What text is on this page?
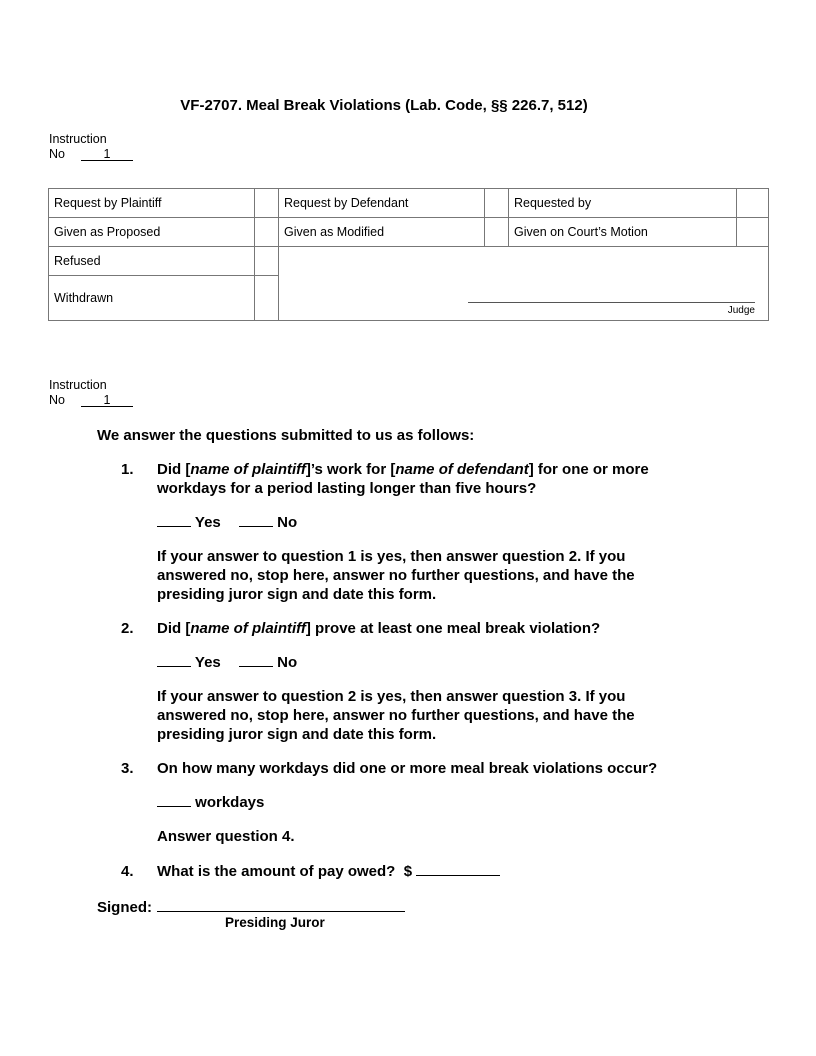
VF-2707. Meal Break Violations (Lab. Code, §§ 226.7, 512)
Instruction
No	1
Request by Plaintiff		Request by Defendant		Requested by	
Given as Proposed		Given as Modified		Given on Court’s Motion	
Refused		Judge			

Withdrawn					
Instruction
No	1
We answer the questions submitted to us as follows:
1. Did [name of plaintiff]’s work for [name of defendant] for one or more workdays for a period lasting longer than five hours?
Yes	No
If your answer to question 1 is yes, then answer question 2. If you answered no, stop here, answer no further questions, and have the presiding juror sign and date this form.
2. Did [name of plaintiff] prove at least one meal break violation?
Yes	No
If your answer to question 2 is yes, then answer question 3. If you answered no, stop here, answer no further questions, and have the presiding juror sign and date this form.
3. On how many workdays did one or more meal break violations occur?
workdays
Answer question 4.
4. What is the amount of pay owed? $
Signed:
Presiding Juror
